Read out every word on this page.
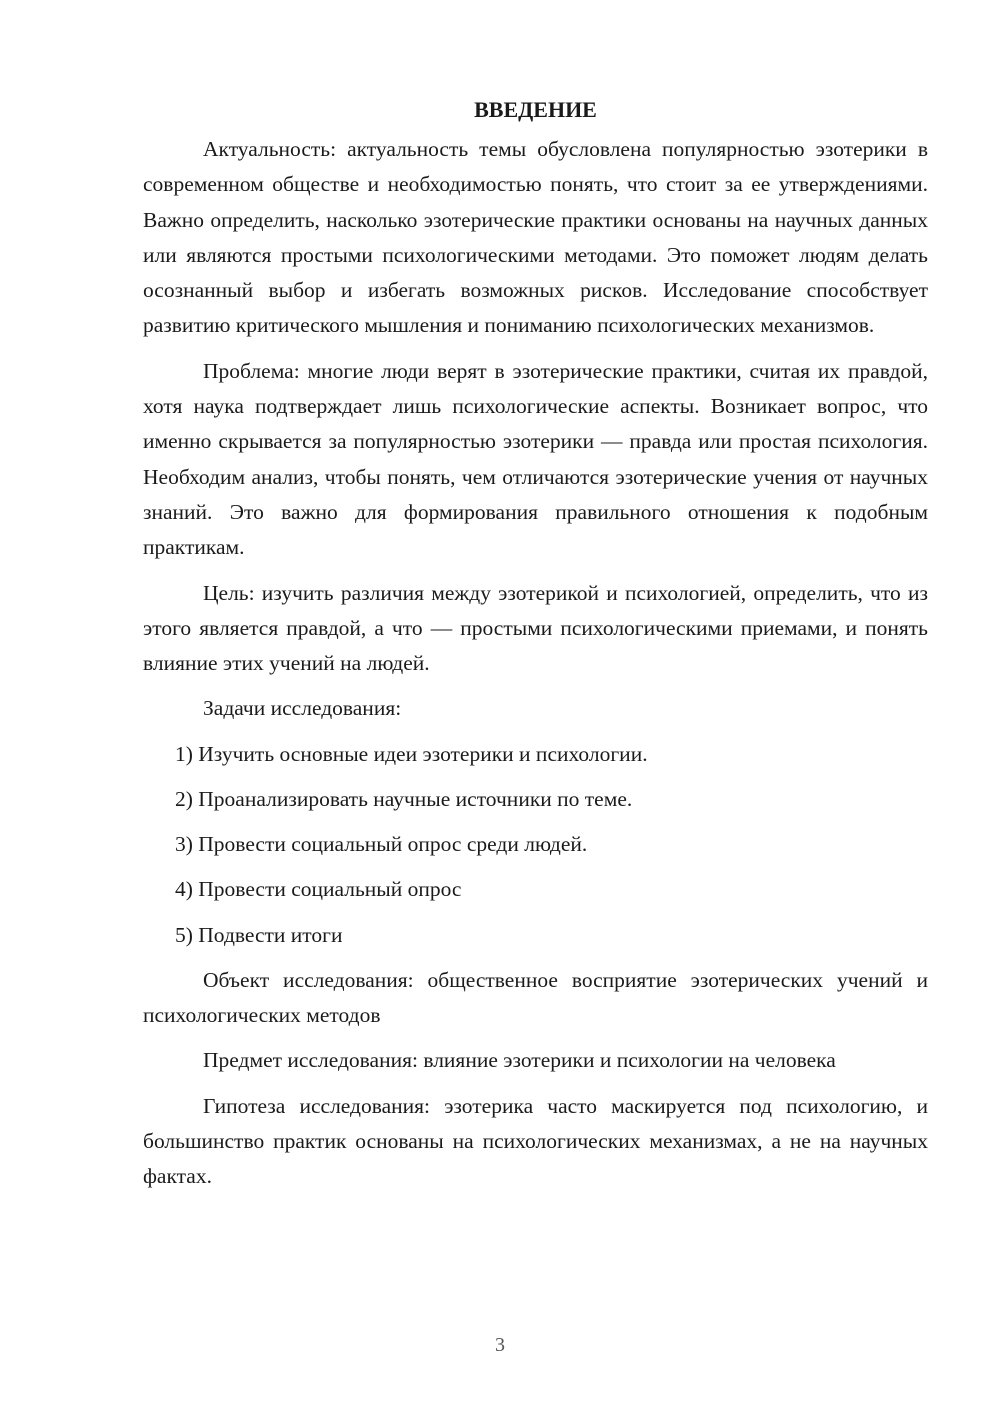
ВВЕДЕНИЕ

Актуальность: актуальность темы обусловлена популярностью эзотерики в современном обществе и необходимостью понять, что стоит за ее утверждениями. Важно определить, насколько эзотерические практики основаны на научных данных или являются простыми психологическими методами. Это поможет людям делать осознанный выбор и избегать возможных рисков. Исследование способствует развитию критического мышления и пониманию психологических механизмов.

Проблема: многие люди верят в эзотерические практики, считая их правдой, хотя наука подтверждает лишь психологические аспекты. Возникает вопрос, что именно скрывается за популярностью эзотерики — правда или простая психология. Необходим анализ, чтобы понять, чем отличаются эзотерические учения от научных знаний. Это важно для формирования правильного отношения к подобным практикам.

Цель: изучить различия между эзотерикой и психологией, определить, что из этого является правдой, а что — простыми психологическими приемами, и понять влияние этих учений на людей.

Задачи исследования:

1) Изучить основные идеи эзотерики и психологии.
2) Проанализировать научные источники по теме.
3) Провести социальный опрос среди людей.
4) Провести социальный опрос
5) Подвести итоги

Объект исследования: общественное восприятие эзотерических учений и психологических методов

Предмет исследования: влияние эзотерики и психологии на человека

Гипотеза исследования: эзотерика часто маскируется под психологию, и большинство практик основаны на психологических механизмах, а не на научных фактах.

3
